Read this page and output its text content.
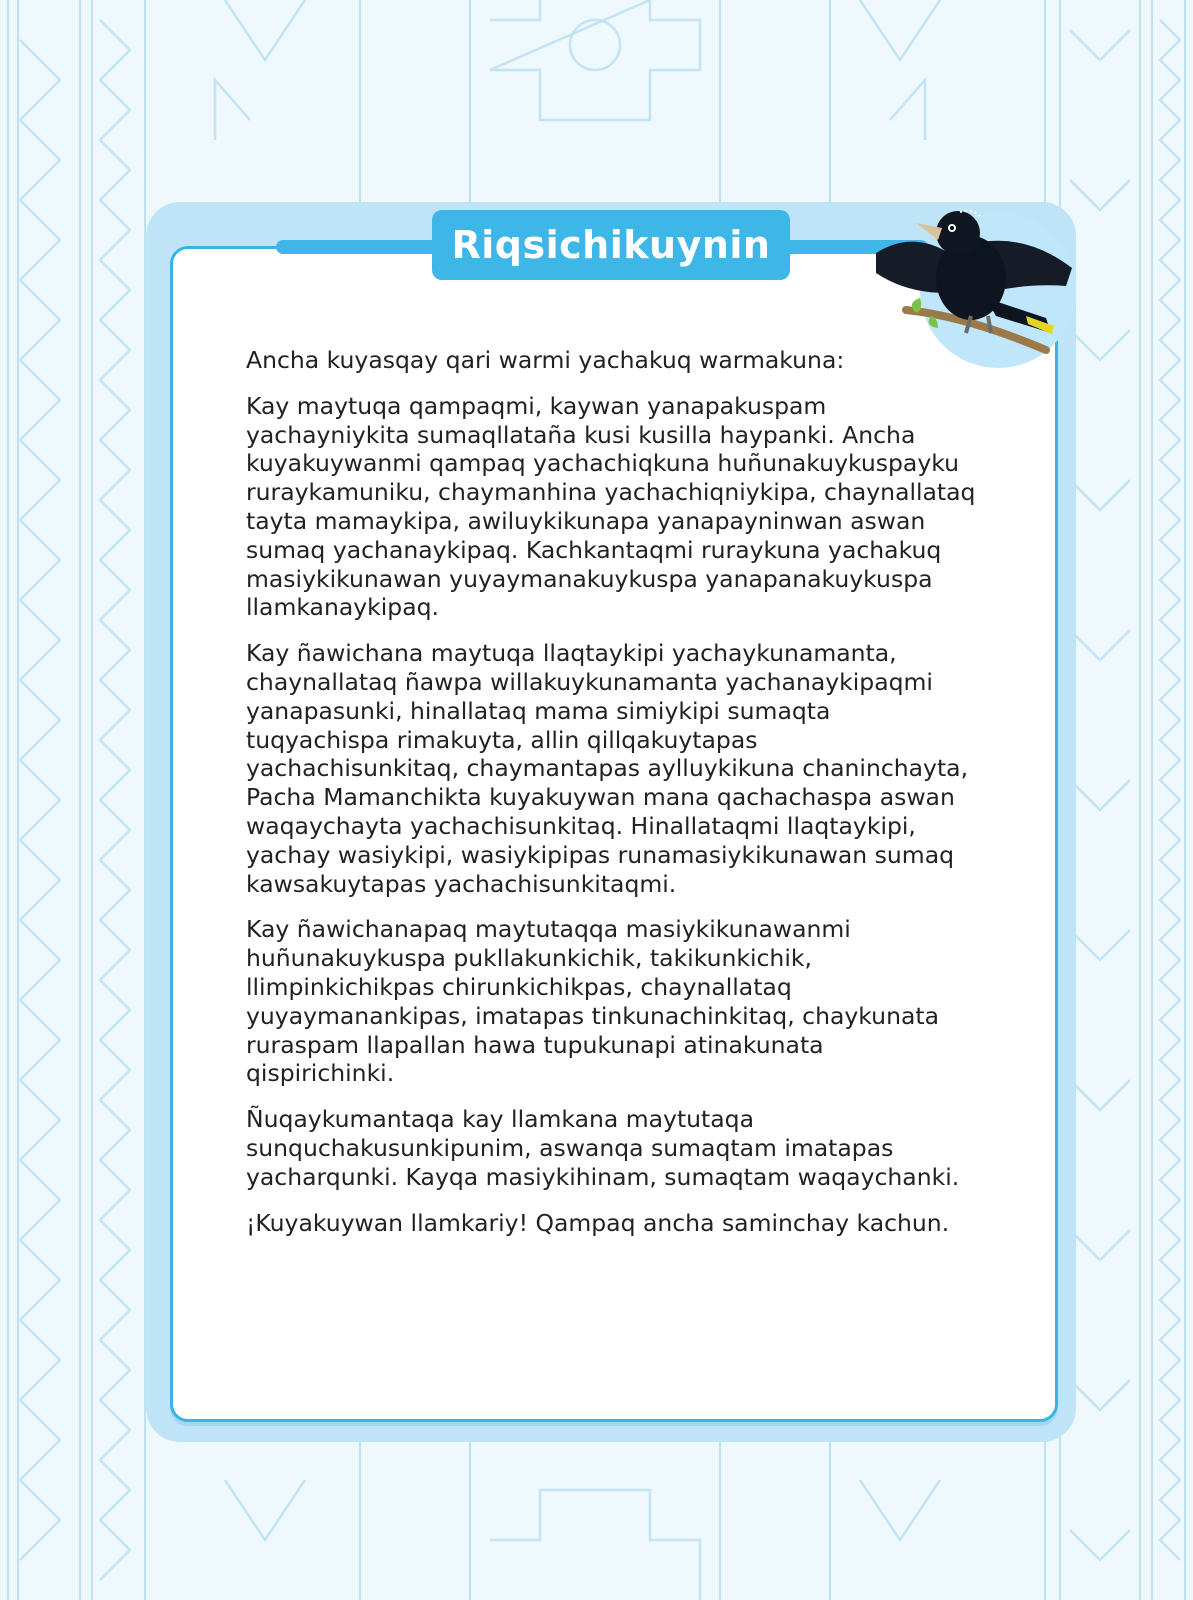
Riqsichikuynin

Ancha kuyasqay qari warmi yachakuq warmakuna:

Kay maytuqa qampaqmi, kaywan yanapakuspam yachayniykita sumaqllataña kusi kusilla haypanki. Ancha kuyakuywanmi qampaq yachachiqkuna huñunakuykuspayku ruraykamuniku, chaymanhina yachachiqniykipa, chaynallataq tayta mamaykipa, awiluykikunapa yanapayninwan aswan sumaq yachanaykipaq. Kachkantaqmi ruraykuna yachakuq masiykikunawan yuyaymanakuykuspa yanapanakuykuspa llamkanaykipaq.

Kay ñawichana maytuqa llaqtaykipi yachaykunamanta, chaynallataq ñawpa willakuykunamanta yachanaykipaqmi yanapasunki, hinallataq mama simiykipi sumaqta tuqyachispa rimakuyta, allin qillqakuytapas yachachisunkitaq, chaymantapas aylluykikuna chaninchayta, Pacha Mamanchikta kuyakuywan mana qachachaspa aswan waqaychayta yachachisunkitaq. Hinallataqmi llaqtaykipi, yachay wasiykipi, wasiykipipas runamasiykikunawan sumaq kawsakuytapas yachachisunkitaqmi.

Kay ñawichanapaq maytutaqqa masiykikunawanmi huñunakuykuspa pukllakunkichik, takikunkichik, llimpinkichikpas chirunkichikpas, chaynallataq yuyaymanankipas, imatapas tinkunachinkitaq, chaykunata ruraspam llapallan hawa tupukunapi atinakunata qispirichinki.

Ñuqaykumantaqa kay llamkana maytutaqa sunquchakusunkipunim, aswanqa sumaqtam imatapas yacharqunki. Kayqa masiykihinam, sumaqtam waqaychanki.

¡Kuyakuywan llamkariy! Qampaq ancha saminchay kachun.
